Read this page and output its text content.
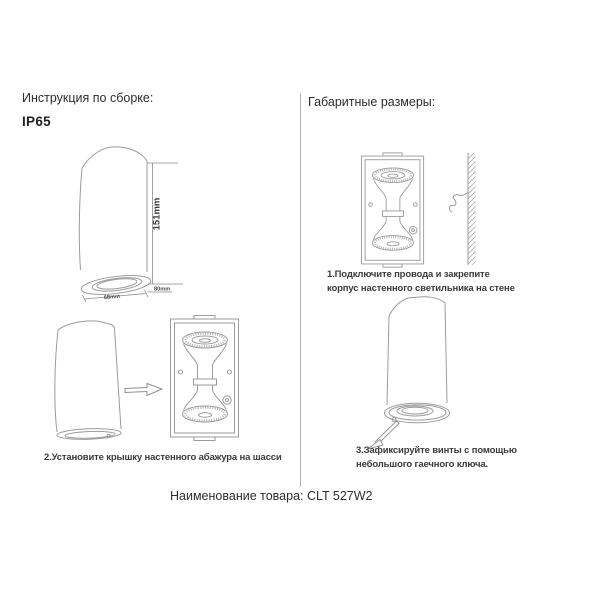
Инструкция по сборке:
IP65
Габаритные размеры:
151mm
80mm
68mm
2.Установите крышку настенного абажура на шасси
1.Подключите провода и закрепите
корпус настенного светильника на стене
3.Зафиксируйте винты с помощью
небольшого гаечного ключа.
Наименование товара: CLT 527W2
